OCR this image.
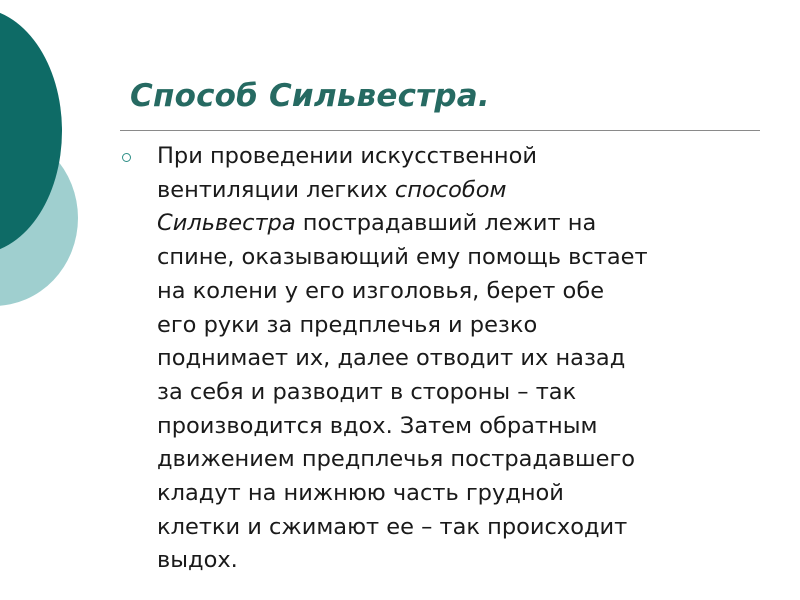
Способ Сильвестра.
При проведении искусственной
вентиляции легких способом
Сильвестра пострадавший лежит на
спине, оказывающий ему помощь встает
на колени у его изголовья, берет обе
его руки за предплечья и резко
поднимает их, далее отводит их назад
за себя и разводит в стороны – так
производится вдох. Затем обратным
движением предплечья пострадавшего
кладут на нижнюю часть грудной
клетки и сжимают ее – так происходит
выдох.
